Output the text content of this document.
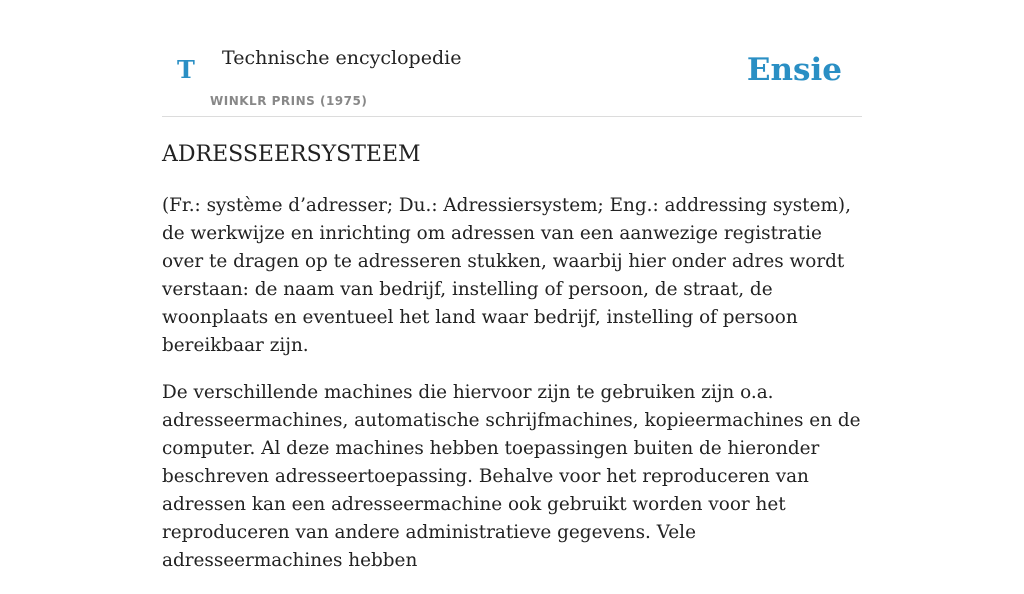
T Technische encyclopedie
WINKLR PRINS (1975)
Ensie
ADRESSEERSYSTEEM

(Fr.: système d’adresser; Du.: Adressiersystem; Eng.: addressing system), de werkwijze en inrichting om adressen van een aanwezige registratie over te dragen op te adresseren stukken, waarbij hier onder adres wordt verstaan: de naam van bedrijf, instelling of persoon, de straat, de woonplaats en eventueel het land waar bedrijf, instelling of persoon bereikbaar zijn.

De verschillende machines die hiervoor zijn te gebruiken zijn o.a. adresseermachines, automatische schrijfmachines, kopieermachines en de computer. Al deze machines hebben toepassingen buiten de hieronder beschreven adresseertoepassing. Behalve voor het reproduceren van adressen kan een adresseermachine ook gebruikt worden voor het reproduceren van andere administratieve gegevens. Vele adresseermachines hebben
